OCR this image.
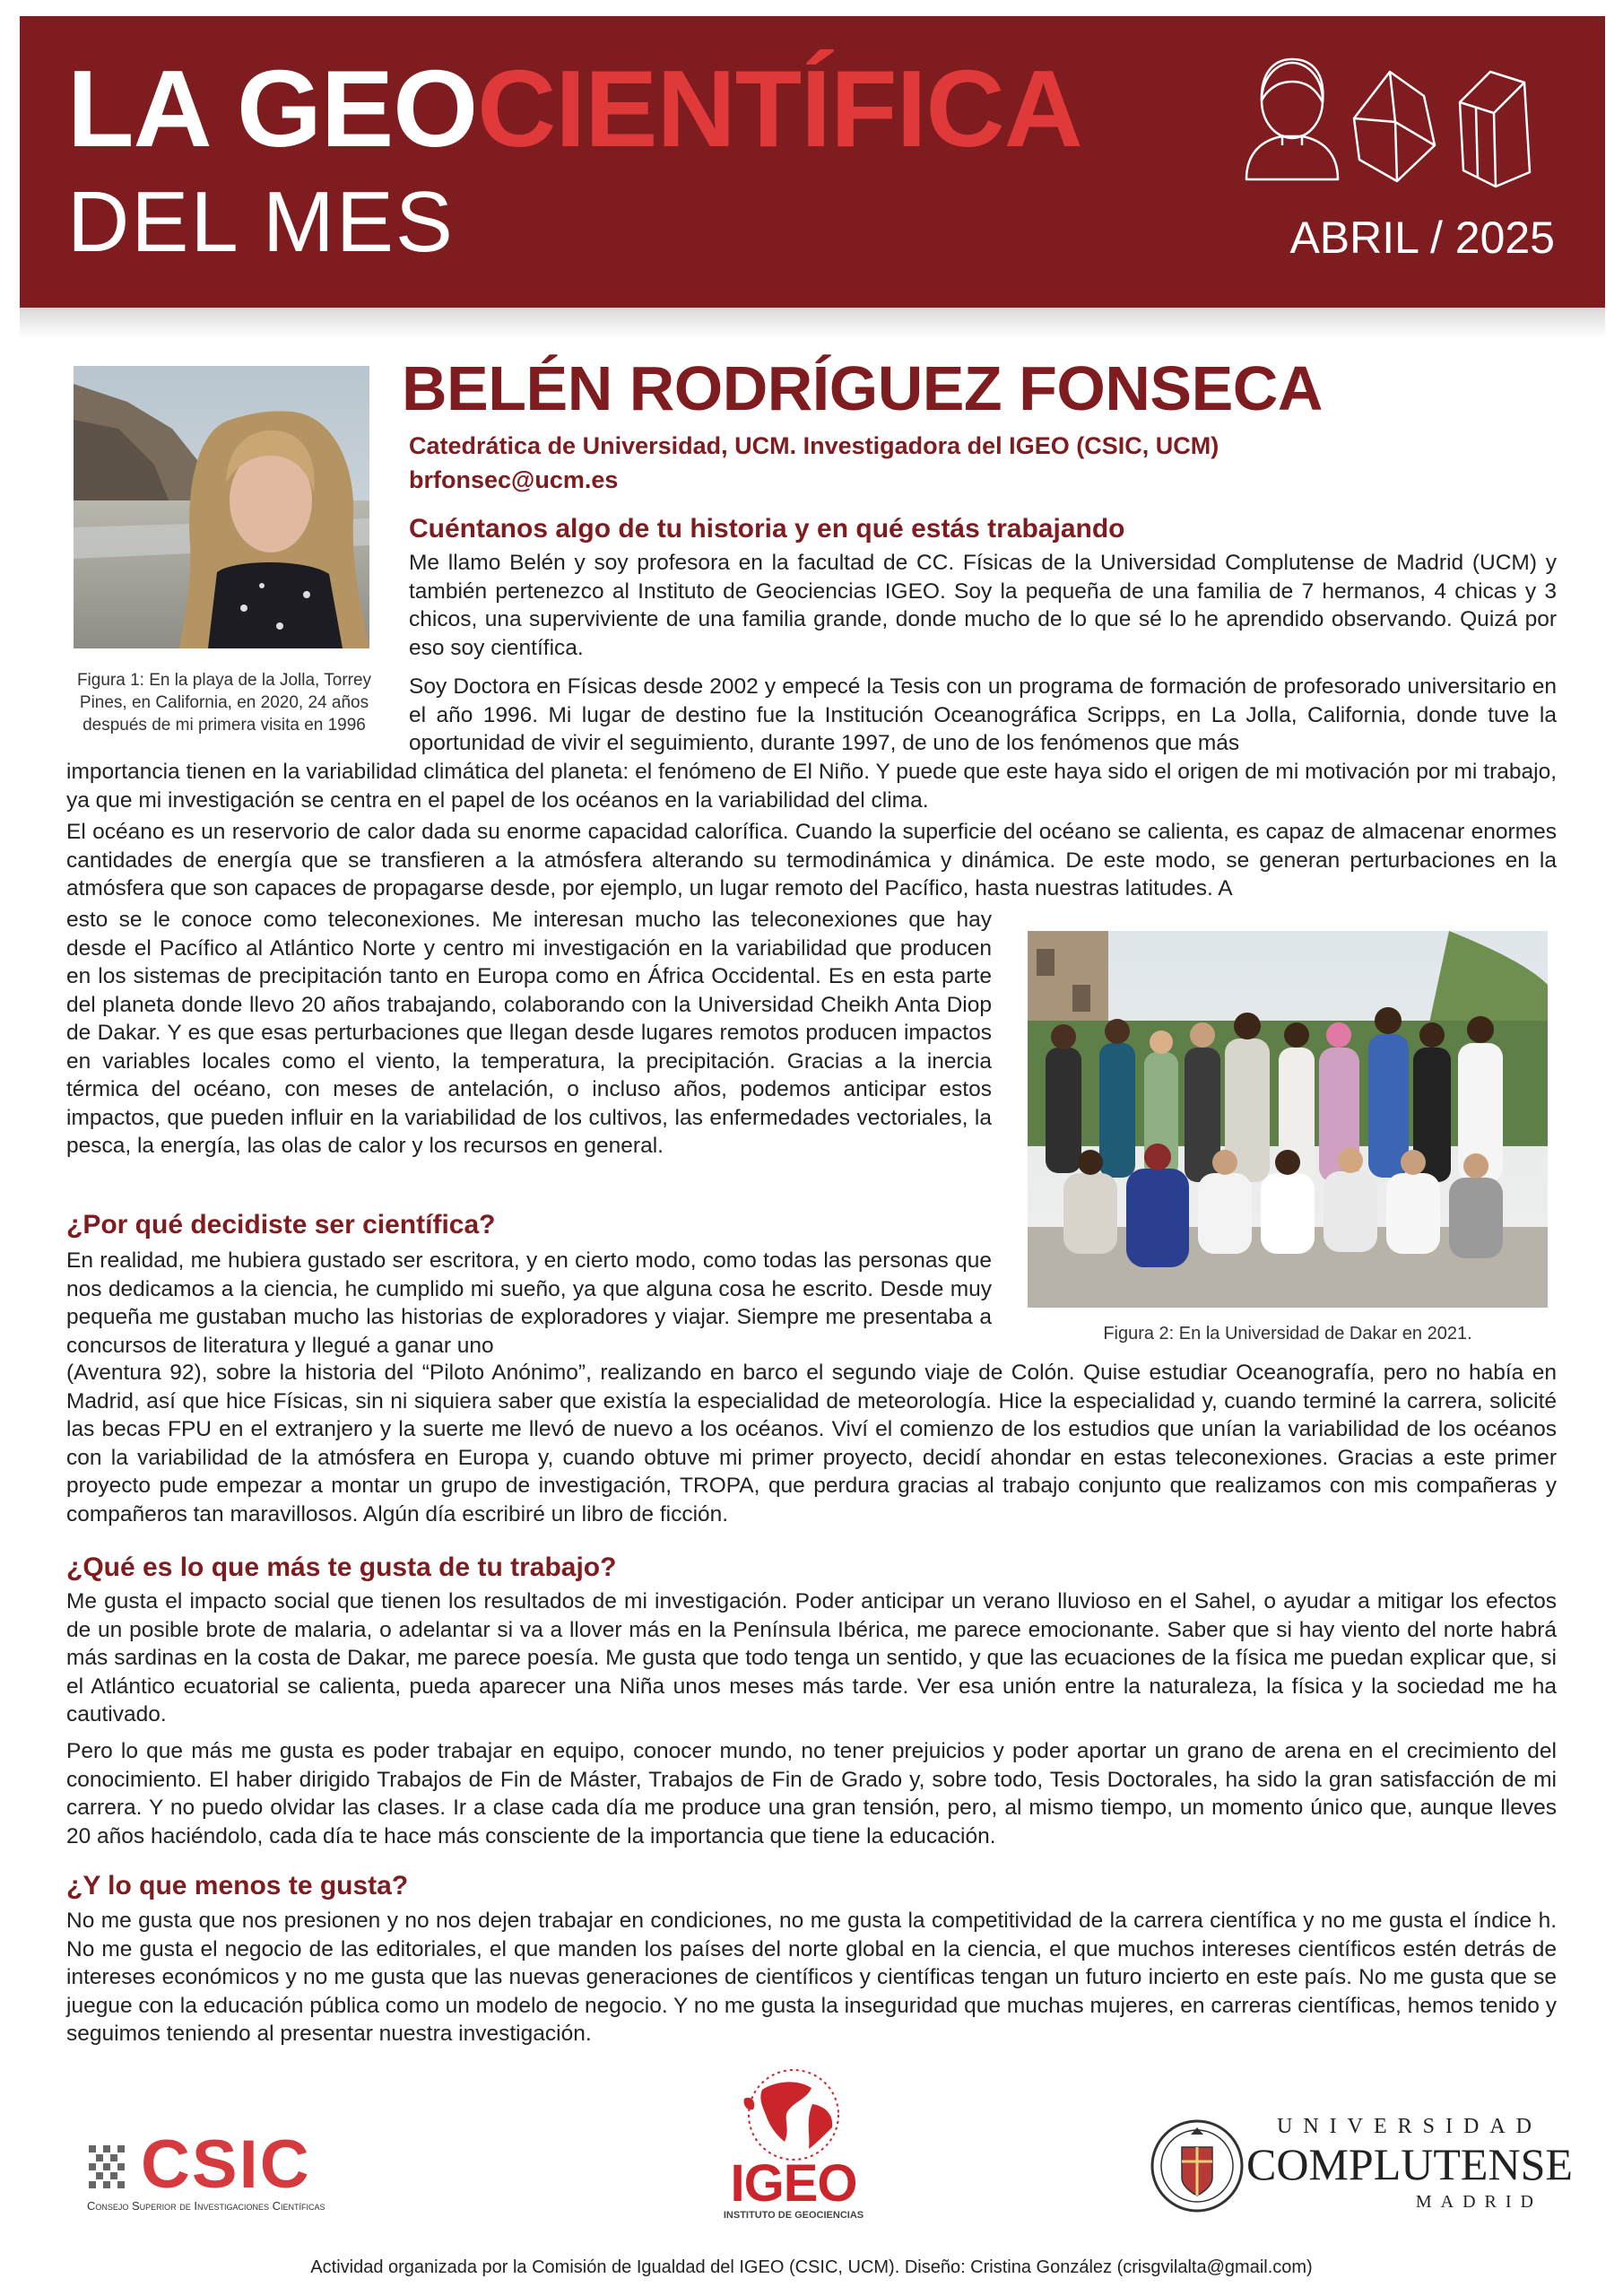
LA GEOCIENTÍFICA
DEL MES	ABRIL / 2025
Figura 1: En la playa de la Jolla, Torrey Pines, en California, en 2020, 24 años después de mi primera visita en 1996
BELÉN RODRÍGUEZ FONSECA
Catedrática de Universidad, UCM. Investigadora del IGEO (CSIC, UCM)
brfonsec@ucm.es
Cuéntanos algo de tu historia y en qué estás trabajando
Me llamo Belén y soy profesora en la facultad de CC. Físicas de la Universidad Complutense de Madrid (UCM) y también pertenezco al Instituto de Geociencias IGEO. Soy la pequeña de una familia de 7 hermanos, 4 chicas y 3 chicos, una superviviente de una familia grande, donde mucho de lo que sé lo he aprendido observando. Quizá por eso soy científica.
Soy Doctora en Físicas desde 2002 y empecé la Tesis con un programa de formación de profesorado universitario en el año 1996. Mi lugar de destino fue la Institución Oceanográfica Scripps, en La Jolla, California, donde tuve la oportunidad de vivir el seguimiento, durante 1997, de uno de los fenómenos que más
importancia tienen en la variabilidad climática del planeta: el fenómeno de El Niño. Y puede que este haya sido el origen de mi motivación por mi trabajo, ya que mi investigación se centra en el papel de los océanos en la variabilidad del clima.
El océano es un reservorio de calor dada su enorme capacidad calorífica. Cuando la superficie del océano se calienta, es capaz de almacenar enormes cantidades de energía que se transfieren a la atmósfera alterando su termodinámica y dinámica. De este modo, se generan perturbaciones en la atmósfera que son capaces de propagarse desde, por ejemplo, un lugar remoto del Pacífico, hasta nuestras latitudes. A
esto se le conoce como teleconexiones. Me interesan mucho las teleconexiones que hay desde el Pacífico al Atlántico Norte y centro mi investigación en la variabilidad que producen en los sistemas de precipitación tanto en Europa como en África Occidental. Es en esta parte del planeta donde llevo 20 años trabajando, colaborando con la Universidad Cheikh Anta Diop de Dakar. Y es que esas perturbaciones que llegan desde lugares remotos producen impactos en variables locales como el viento, la temperatura, la precipitación. Gracias a la inercia térmica del océano, con meses de antelación, o incluso años, podemos anticipar estos impactos, que pueden influir en la variabilidad de los cultivos, las enfermedades vectoriales, la pesca, la energía, las olas de calor y los recursos en general.
Figura 2: En la Universidad de Dakar en 2021.
¿Por qué decidiste ser científica?
En realidad, me hubiera gustado ser escritora, y en cierto modo, como todas las personas que nos dedicamos a la ciencia, he cumplido mi sueño, ya que alguna cosa he escrito. Desde muy pequeña me gustaban mucho las historias de exploradores y viajar. Siempre me presentaba a concursos de literatura y llegué a ganar uno
(Aventura 92), sobre la historia del “Piloto Anónimo”, realizando en barco el segundo viaje de Colón. Quise estudiar Oceanografía, pero no había en Madrid, así que hice Físicas, sin ni siquiera saber que existía la especialidad de meteorología. Hice la especialidad y, cuando terminé la carrera, solicité las becas FPU en el extranjero y la suerte me llevó de nuevo a los océanos. Viví el comienzo de los estudios que unían la variabilidad de los océanos con la variabilidad de la atmósfera en Europa y, cuando obtuve mi primer proyecto, decidí ahondar en estas teleconexiones. Gracias a este primer proyecto pude empezar a montar un grupo de investigación, TROPA, que perdura gracias al trabajo conjunto que realizamos con mis compañeras y compañeros tan maravillosos. Algún día escribiré un libro de ficción.
¿Qué es lo que más te gusta de tu trabajo?
Me gusta el impacto social que tienen los resultados de mi investigación. Poder anticipar un verano lluvioso en el Sahel, o ayudar a mitigar los efectos de un posible brote de malaria, o adelantar si va a llover más en la Península Ibérica, me parece emocionante. Saber que si hay viento del norte habrá más sardinas en la costa de Dakar, me parece poesía. Me gusta que todo tenga un sentido, y que las ecuaciones de la física me puedan explicar que, si el Atlántico ecuatorial se calienta, pueda aparecer una Niña unos meses más tarde. Ver esa unión entre la naturaleza, la física y la sociedad me ha cautivado.
Pero lo que más me gusta es poder trabajar en equipo, conocer mundo, no tener prejuicios y poder aportar un grano de arena en el crecimiento del conocimiento. El haber dirigido Trabajos de Fin de Máster, Trabajos de Fin de Grado y, sobre todo, Tesis Doctorales, ha sido la gran satisfacción de mi carrera. Y no puedo olvidar las clases. Ir a clase cada día me produce una gran tensión, pero, al mismo tiempo, un momento único que, aunque lleves 20 años haciéndolo, cada día te hace más consciente de la importancia que tiene la educación.
¿Y lo que menos te gusta?
No me gusta que nos presionen y no nos dejen trabajar en condiciones, no me gusta la competitividad de la carrera científica y no me gusta el índice h. No me gusta el negocio de las editoriales, el que manden los países del norte global en la ciencia, el que muchos intereses científicos estén detrás de intereses económicos y no me gusta que las nuevas generaciones de científicos y científicas tengan un futuro incierto en este país. No me gusta que se juegue con la educación pública como un modelo de negocio. Y no me gusta la inseguridad que muchas mujeres, en carreras científicas, hemos tenido y seguimos teniendo al presentar nuestra investigación.
CSIC
Consejo Superior de Investigaciones Científicas	IGEO
INSTITUTO DE GEOCIENCIAS
UNIVERSIDAD
COMPLUTENSE
MADRID
Actividad organizada por la Comisión de Igualdad del IGEO (CSIC, UCM). Diseño: Cristina González (crisgvilalta@gmail.com)
